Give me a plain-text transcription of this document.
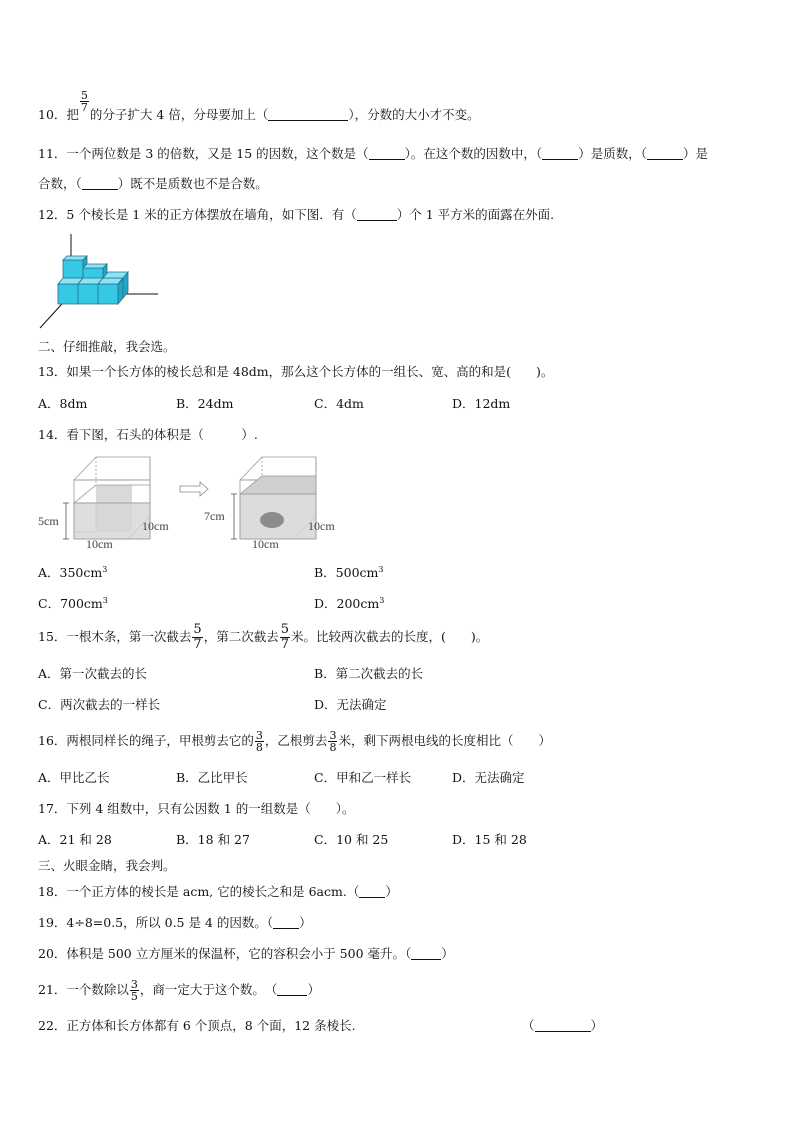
10．把
$\frac{5}{7}$
的分子扩大 4 倍，分母要加上（	），分数的大小才不变。
11．一个两位数是 3 的倍数，又是 15 的因数，这个数是（	）。在这个数的因数中，（	）是质数，（	）是
合数，（	）既不是质数也不是合数。
12．5 个棱长是 1 米的正方体摆放在墙角，如下图．有（	）个 1 平方米的面露在外面.
二、仔细推敲，我会选。
13．如果一个长方体的棱长总和是 48dm，那么这个长方体的一组长、宽、高的和是(　　)。
A．8dm	B．24dm	C．4dm	D．12dm
14．看下图，石头的体积是（　　　）.
5cm	10cm
10cm
7cm
10cm
10cm
A．$350cm^3$	B．$500cm^3$
C．$700cm^3$	D．$200cm^3$
15．一根木条，第一次截去 $\frac{5}{7}$ ，第二次截去 $\frac{5}{7}$ 米。比较两次截去的长度，(　　)。
A．第一次截去的长	B．第二次截去的长
C．两次截去的一样长	D．无法确定
16．两根同样长的绳子，甲根剪去它的 $\frac{3}{8}$ ，乙根剪去 $\frac{3}{8}$ 米，剩下两根电线的长度相比（　　）
A．甲比乙长	B．乙比甲长	C．甲和乙一样长	D．无法确定
17．下列 4 组数中，只有公因数 1 的一组数是（　　）。
A．21 和 28	B．18 和 27	C．10 和 25	D．15 和 28
三、火眼金睛，我会判。
18．一个正方体的棱长是 acm, 它的棱长之和是 6acm.（ ）
19．4÷8=0.5，所以 0.5 是 4 的因数。（ ）
20．体积是 500 立方厘米的保温杯，它的容积会小于 500 毫升。（ ）
21．一个数除以 $\frac{3}{5}$ ，商一定大于这个数。　（ ）
22．正方体和长方体都有 6 个顶点，8 个面，12 条棱长.	（	）
